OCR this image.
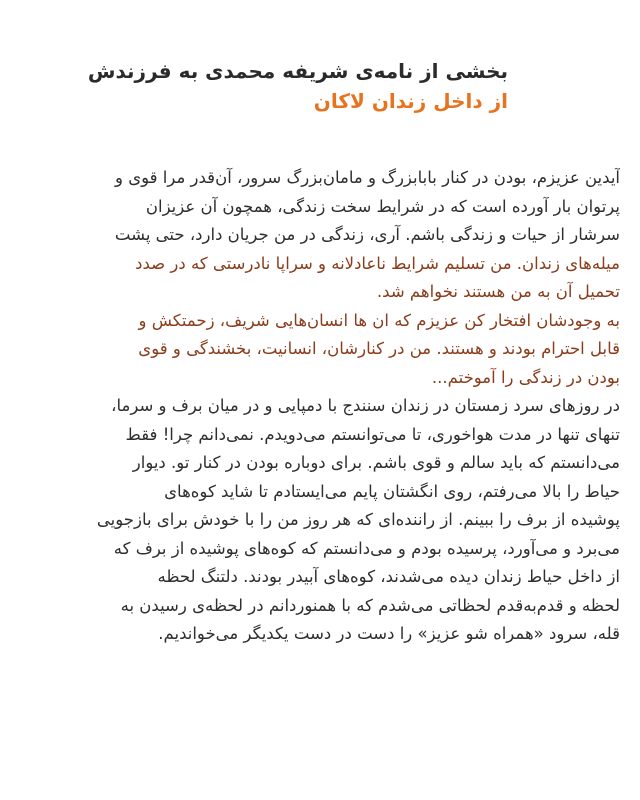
بخشی از نامه‌ی شریفه محمدی به فرزندش
از داخل زندان لاکان
آیدین عزیزم، بودن در کنار بابابزرگ و مامان‌بزرگ سرور، آن‌قدر مرا قوی و
پرتوان بار آورده است که در شرایط سخت زندگی، همچون آن عزیزان
سرشار از حیات و زندگی باشم. آری، زندگی در من جریان دارد، حتی پشت
میله‌های زندان. من تسلیم شرایط ناعادلانه و سراپا نادرستی که در صدد
تحمیل آن به من هستند نخواهم شد.
به وجودشان افتخار کن عزیزم که ان ها انسان‌هایی شریف، زحمتکش و
قابل احترام بودند و هستند. من در کنارشان، انسانیت، بخشندگی و قوی
بودن در زندگی را آموختم...
در روزهای سرد زمستان در زندان سنندج با دمپایی و در میان برف و سرما،
تنهای تنها در مدت هواخوری، تا می‌توانستم می‌دویدم. نمی‌دانم چرا! فقط
می‌دانستم که باید سالم و قوی باشم. برای دوباره بودن در کنار تو. دیوار
حیاط را بالا می‌رفتم، روی انگشتان پایم می‌ایستادم تا شاید کوه‌های
پوشیده از برف را ببینم. از راننده‌ای که هر روز من را با خودش برای بازجویی
می‌برد و می‌آورد، پرسیده بودم و می‌دانستم که کوه‌های پوشیده از برف که
از داخل حیاط زندان دیده می‌شدند، کوه‌های آبیدر بودند. دلتنگ لحظه
لحظه و قدم‌به‌قدم لحظاتی می‌شدم که با همنوردانم در لحظه‌ی رسیدن به
قله، سرود «همراه شو عزیز» را دست در دست یکدیگر می‌خواندیم.
